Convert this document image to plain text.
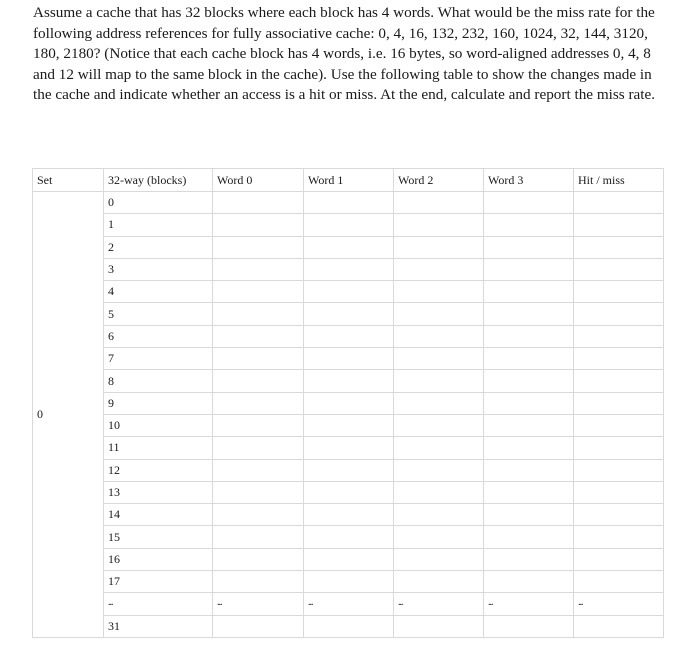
Assume a cache that has 32 blocks where each block has 4 words. What would be the miss rate for the following address references for fully associative cache: 0, 4, 16, 132, 232, 160, 1024, 32, 144, 3120, 180, 2180? (Notice that each cache block has 4 words, i.e. 16 bytes, so word-aligned addresses 0, 4, 8 and 12 will map to the same block in the cache). Use the following table to show the changes made in the cache and indicate whether an access is a hit or miss. At the end, calculate and report the miss rate.

Set	32-way (blocks)	Word 0	Word 1	Word 2	Word 3	Hit / miss
0	0					
	1					
	2					
	3					
	4					
	5					
	6					
	7					
	8					
	9					
	10					
	11					
	12					
	13					
	14					
	15					
	16					
	17					
	...	...	...	...	...	...
	31					
